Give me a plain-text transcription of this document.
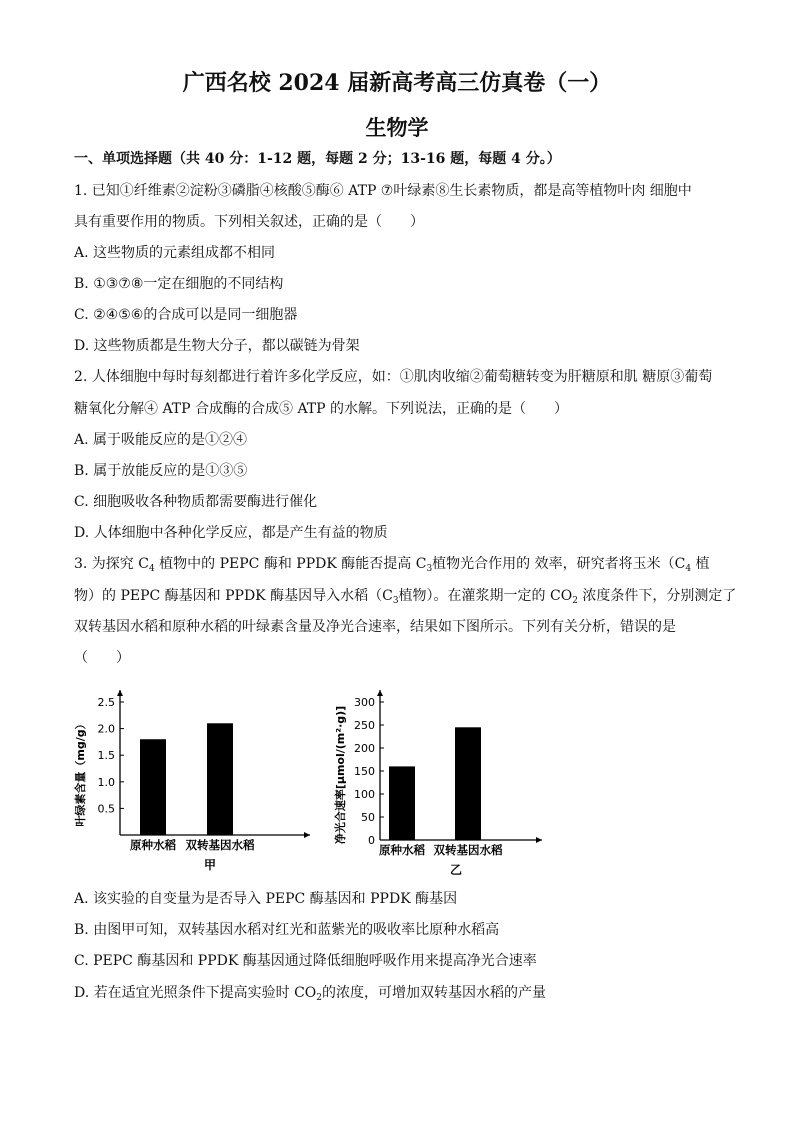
广西名校 2024 届新高考高三仿真卷（一）
生物学
一、单项选择题（共 40 分：1-12 题，每题 2 分；13-16 题，每题 4 分。）
1. 已知①纤维素②淀粉③磷脂④核酸⑤酶⑥ ATP ⑦叶绿素⑧生长素物质，都是高等植物叶肉 细胞中
具有重要作用的物质。下列相关叙述，正确的是（　　）
A. 这些物质的元素组成都不相同
B. ①③⑦⑧一定在细胞的不同结构
C. ②④⑤⑥的合成可以是同一细胞器
D. 这些物质都是生物大分子，都以碳链为骨架
2. 人体细胞中每时每刻都进行着许多化学反应，如：①肌肉收缩②葡萄糖转变为肝糖原和肌 糖原③葡萄
糖氧化分解④ ATP 合成酶的合成⑤ ATP 的水解。下列说法，正确的是（　　）
A. 属于吸能反应的是①②④
B. 属于放能反应的是①③⑤
C. 细胞吸收各种物质都需要酶进行催化
D. 人体细胞中各种化学反应，都是产生有益的物质
3. 为探究 $C_4$ 植物中的 PEPC 酶和 PPDK 酶能否提高 $C_3$植物光合作用的 效率，研究者将玉米（$C_4$ 植
物）的 PEPC 酶基因和 PPDK 酶基因导入水稻（$C_3$植物）。在灌浆期一定的 $CO_2$ 浓度条件下，分别测定了
双转基因水稻和原种水稻的叶绿素含量及净光合速率，结果如下图所示。下列有关分析，错误的是
（　　）
0.5
1.0
1.5
2.0
2.5
原种水稻 双转基因水稻
叶绿素含量（mg/g）
甲
0
50
100
150
200
250
300
原种水稻 双转基因水稻
净光合速率[μmol/(m²·g)]
乙
A. 该实验的自变量为是否导入 PEPC 酶基因和 PPDK 酶基因
B. 由图甲可知，双转基因水稻对红光和蓝紫光的吸收率比原种水稻高
C. PEPC 酶基因和 PPDK 酶基因通过降低细胞呼吸作用来提高净光合速率
D. 若在适宜光照条件下提高实验时 $CO_2$的浓度，可增加双转基因水稻的产量
